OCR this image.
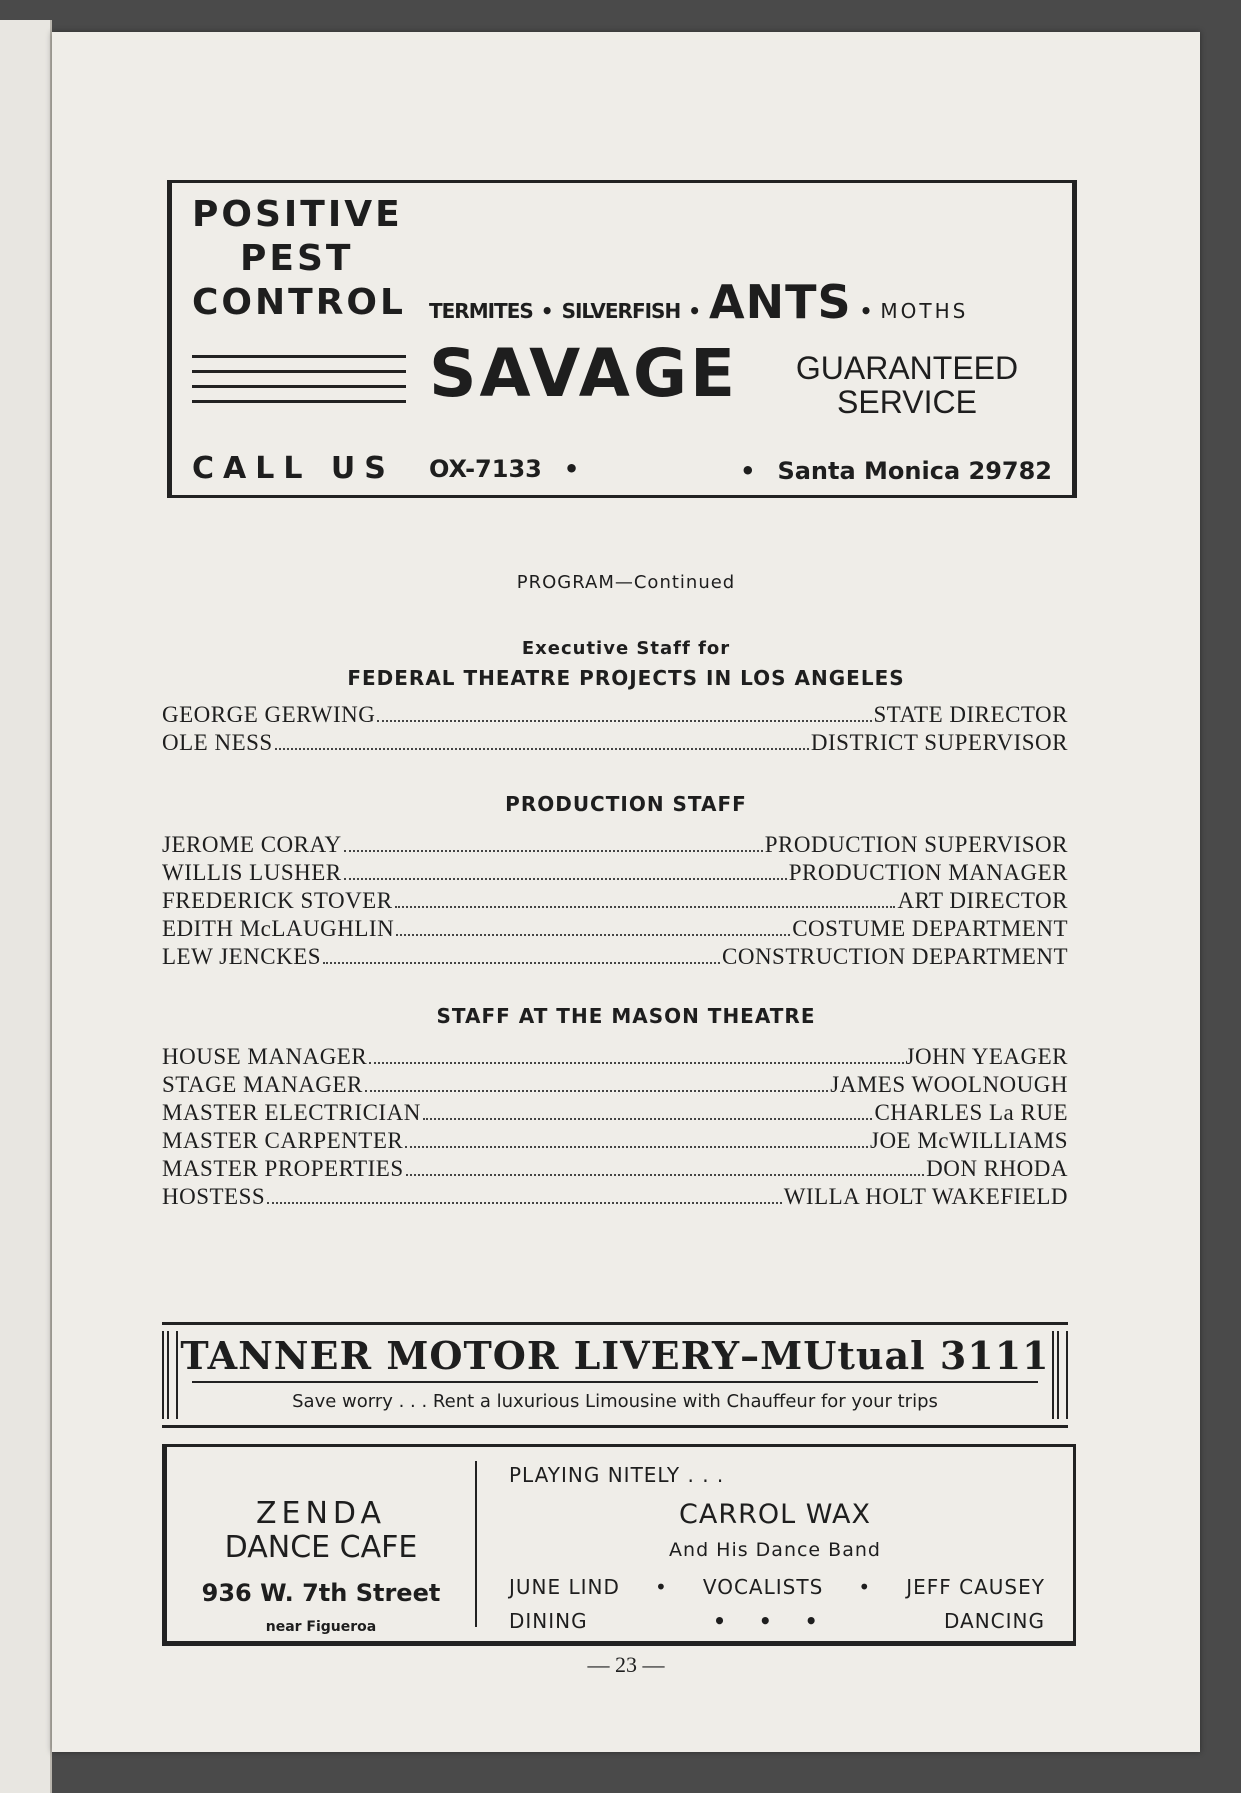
POSITIVE
PEST
CONTROL TERMITES • SILVERFISH • ANTS • MOTHS
SAVAGE	GUARANTEED
SERVICE
CALL US OX-7133 •	• Santa Monica 29782
PROGRAM—Continued
Executive Staff for
FEDERAL THEATRE PROJECTS IN LOS ANGELES
GEORGE GERWING	STATE DIRECTOR
OLE NESS	DISTRICT SUPERVISOR
PRODUCTION STAFF
JEROME CORAY	PRODUCTION SUPERVISOR
WILLIS LUSHER	PRODUCTION MANAGER
FREDERICK STOVER	ART DIRECTOR
EDITH McLAUGHLIN	COSTUME DEPARTMENT
LEW JENCKES	CONSTRUCTION DEPARTMENT
STAFF AT THE MASON THEATRE
HOUSE MANAGER	JOHN YEAGER
STAGE MANAGER	JAMES WOOLNOUGH
MASTER ELECTRICIAN	CHARLES La RUE
MASTER CARPENTER	JOE McWILLIAMS
MASTER PROPERTIES	DON RHODA
HOSTESS	WILLA HOLT WAKEFIELD
TANNER MOTOR LIVERY–MUtual 3111
Save worry . . . Rent a luxurious Limousine with Chauffeur for your trips
ZENDA
DANCE CAFE
936 W. 7th Street
near Figueroa
PLAYING NITELY . . .
CARROL WAX
And His Dance Band
JUNE LIND • VOCALISTS • JEFF CAUSEY
DINING	• • •	DANCING
— 23 —
